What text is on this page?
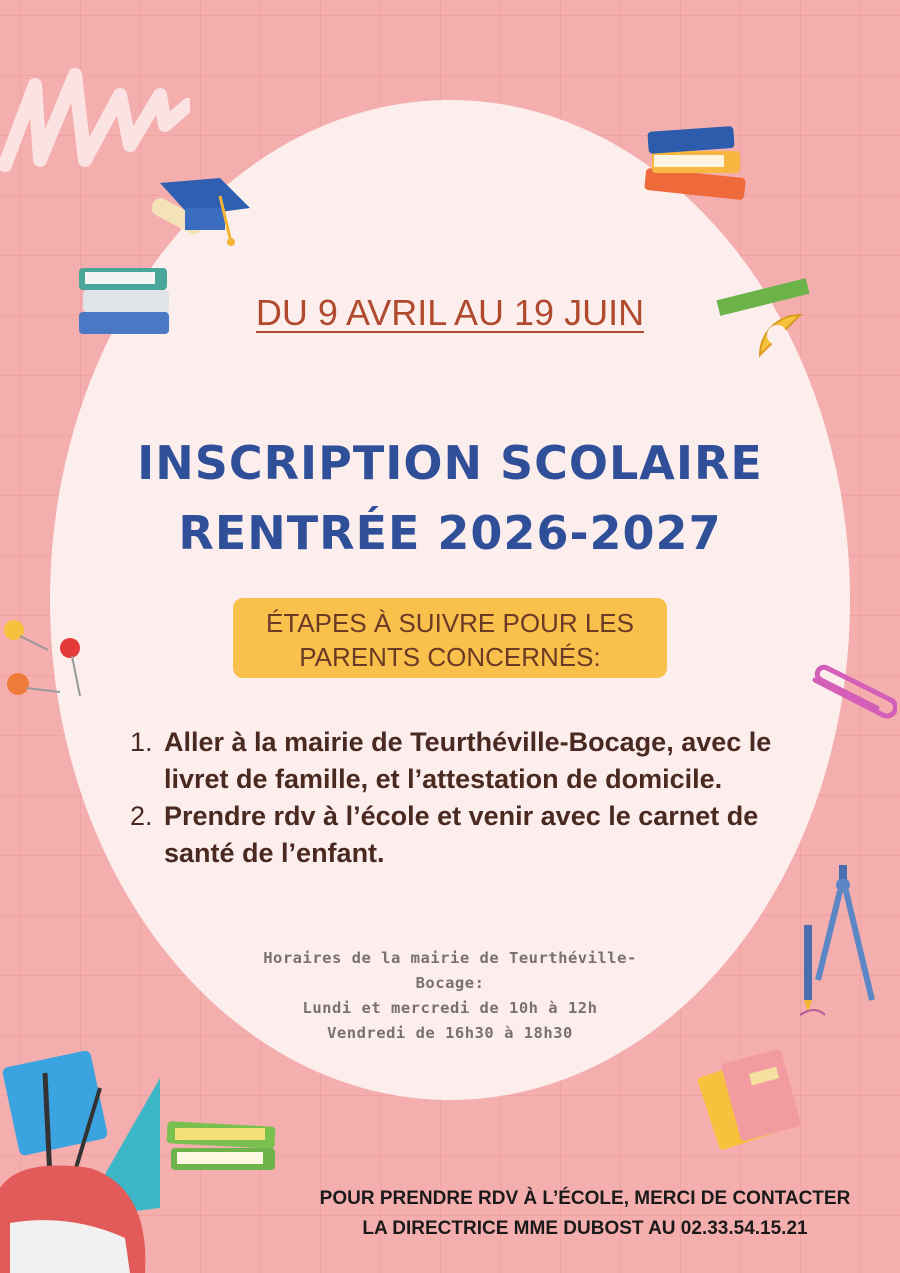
DU 9 AVRIL AU 19 JUIN
INSCRIPTION SCOLAIRE
RENTRÉE 2026-2027
ÉTAPES À SUIVRE POUR LES
PARENTS CONCERNÉS:
1. Aller à la mairie de Teurthéville-Bocage, avec le livret de famille, et l’attestation de domicile.
2. Prendre rdv à l’école et venir avec le carnet de santé de l’enfant.
Horaires de la mairie de Teurthéville-
Bocage:
Lundi et mercredi de 10h à 12h
Vendredi de 16h30 à 18h30
POUR PRENDRE RDV À L’ÉCOLE, MERCI DE CONTACTER
LA DIRECTRICE MME DUBOST AU 02.33.54.15.21
